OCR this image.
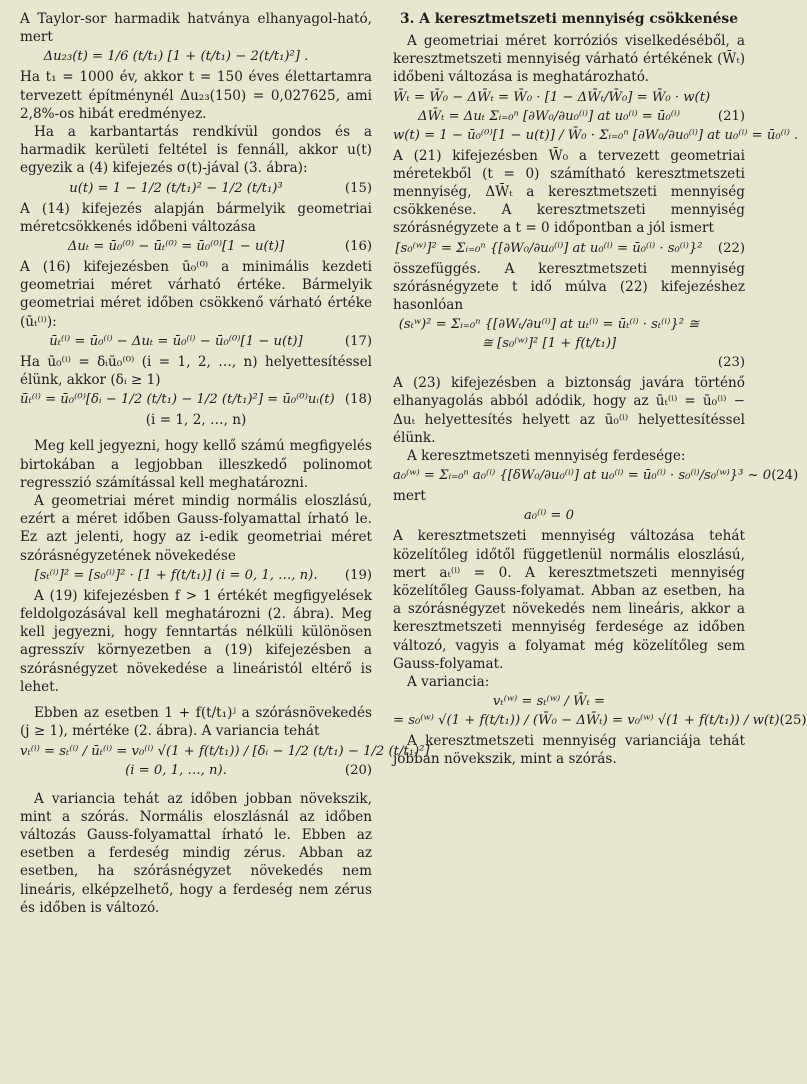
A Taylor-sor harmadik hatványa elhanyagol-ható, mert

Δu₂₃(t) = 1/6 (t/t₁) [1 + (t/t₁) − 2(t/t₁)²] .

Ha t₁ = 1000 év, akkor t = 150 éves élettartamra tervezett építménynél Δu₂₃(150) = 0,027625, ami 2,8%-os hibát eredményez.

Ha a karbantartás rendkívül gondos és a harmadik kerületi feltétel is fennáll, akkor u(t) egyezik a (4) kifejezés σ(t)-jával (3. ábra):

u(t) = 1 − 1/2 (t/t₁)² − 1/2 (t/t₁)³	(15)

A (14) kifejezés alapján bármelyik geometriai méretcsökkenés időbeni változása

Δuₜ = ū₀⁽⁰⁾ − ūₜ⁽⁰⁾ = ū₀⁽⁰⁾[1 − u(t)]	(16)

A (16) kifejezésben ū₀⁽⁰⁾ a minimális kezdeti geometriai méret várható értéke. Bármelyik geometriai méret időben csökkenő várható értéke (ūₜ⁽ⁱ⁾):

ūₜ⁽ⁱ⁾ = ū₀⁽ⁱ⁾ − Δuₜ = ū₀⁽ⁱ⁾ − ū₀⁽⁰⁾[1 − u(t)]	(17)

Ha ū₀⁽ⁱ⁾ = δᵢū₀⁽⁰⁾ (i = 1, 2, …, n) helyettesítéssel élünk, akkor (δᵢ ≥ 1)

ūₜ⁽ⁱ⁾ = ū₀⁽⁰⁾[δᵢ − 1/2 (t/t₁) − 1/2 (t/t₁)²] = ū₀⁽⁰⁾uᵢ(t) (18)

(i = 1, 2, …, n)

Meg kell jegyezni, hogy kellő számú megfigyelés birtokában a legjobban illeszkedő polinomot regresszió számítással kell meghatározni.

A geometriai méret mindig normális eloszlású, ezért a méret időben Gauss-folyamattal írható le. Ez azt jelenti, hogy az i-edik geometriai méret szórásnégyzetének növekedése

[sₜ⁽ⁱ⁾]² = [s₀⁽ⁱ⁾]² · [1 + f(t/t₁)] (i = 0, 1, …, n).	(19)

A (19) kifejezésben f > 1 értékét megfigyelések feldolgozásával kell meghatározni (2. ábra). Meg kell jegyezni, hogy fenntartás nélküli különösen agresszív környezetben a (19) kifejezésben a szórásnégyzet növekedése a lineáristól eltérő is lehet.

Ebben az esetben 1 + f(t/t₁)ʲ a szórásnövekedés (j ≥ 1), mértéke (2. ábra). A variancia tehát

vₜ⁽ⁱ⁾ = sₜ⁽ⁱ⁾ / ūₜ⁽ⁱ⁾ = v₀⁽ⁱ⁾ √(1 + f(t/t₁)) / [δᵢ − 1/2 (t/t₁) − 1/2 (t/t₁)²]
(i = 0, 1, …, n).	(20)

A variancia tehát az időben jobban növekszik, mint a szórás. Normális eloszlásnál az időben változás Gauss-folyamattal írható le. Ebben az esetben a ferdeség mindig zérus. Abban az esetben, ha szórásnégyzet növekedés nem lineáris, elképzelhető, hogy a ferdeség nem zérus és időben is változó.

3. A keresztmetszeti mennyiség csökkenése

A geometriai méret korróziós viselkedéséből, a keresztmetszeti mennyiség várható értékének (W̄ₜ) időbeni változása is meghatározható.

W̄ₜ = W̄₀ − ΔW̄ₜ = W̄₀ · [1 − ΔW̄ₜ/W̄₀] = W̄₀ · w(t)
ΔW̄ₜ = Δuₜ Σᵢ₌₀ⁿ [∂W₀/∂u₀⁽ⁱ⁾] at u₀⁽ⁱ⁾ = ū₀⁽ⁱ⁾	(21)
w(t) = 1 − ū₀⁽⁰⁾[1 − u(t)] / W̄₀ · Σᵢ₌₀ⁿ [∂W₀/∂u₀⁽ⁱ⁾] at u₀⁽ⁱ⁾ = ū₀⁽ⁱ⁾ .

A (21) kifejezésben W̄₀ a tervezett geometriai méretekből (t = 0) számítható keresztmetszeti mennyiség, ΔW̄ₜ a keresztmetszeti mennyiség csökkenése. A keresztmetszeti mennyiség szórásnégyzete a t = 0 időpontban a jól ismert

[s₀⁽ʷ⁾]² = Σᵢ₌₀ⁿ {[∂W₀/∂u₀⁽ⁱ⁾] at u₀⁽ⁱ⁾ = ū₀⁽ⁱ⁾ · s₀⁽ⁱ⁾}²	(22)

összefüggés. A keresztmetszeti mennyiség szórásnégyzete t idő múlva (22) kifejezéshez hasonlóan

(sₜʷ)² = Σᵢ₌₀ⁿ {[∂Wₜ/∂u⁽ⁱ⁾] at uₜ⁽ⁱ⁾ = ūₜ⁽ⁱ⁾ · sₜ⁽ⁱ⁾}² ≅
≅ [s₀⁽ʷ⁾]² [1 + f(t/t₁)]
(23)

A (23) kifejezésben a biztonság javára történő elhanyagolás abból adódik, hogy az ūₜ⁽ⁱ⁾ = ū₀⁽ⁱ⁾ − Δuₜ helyettesítés helyett az ū₀⁽ⁱ⁾ helyettesítéssel élünk.

A keresztmetszeti mennyiség ferdesége:

a₀⁽ʷ⁾ = Σᵢ₌₀ⁿ a₀⁽ⁱ⁾ {[δW₀/∂u₀⁽ⁱ⁾] at u₀⁽ⁱ⁾ = ū₀⁽ⁱ⁾ · s₀⁽ⁱ⁾/s₀⁽ʷ⁾}³ ~ 0 (24)

mert

a₀⁽ⁱ⁾ = 0

A keresztmetszeti mennyiség változása tehát közelítőleg időtől függetlenül normális eloszlású, mert aₜ⁽ⁱ⁾ = 0. A keresztmetszeti mennyiség közelítőleg Gauss-folyamat. Abban az esetben, ha a szórásnégyzet növekedés nem lineáris, akkor a keresztmetszeti mennyiség ferdesége az időben változó, vagyis a folyamat még közelítőleg sem Gauss-folyamat.

A variancia:

vₜ⁽ʷ⁾ = sₜ⁽ʷ⁾ / W̄ₜ =
= s₀⁽ʷ⁾ √(1 + f(t/t₁)) / (W̄₀ − ΔW̄ₜ) = v₀⁽ʷ⁾ √(1 + f(t/t₁)) / w(t) (25)

A keresztmetszeti mennyiség varianciája tehát jobban növekszik, mint a szórás.
